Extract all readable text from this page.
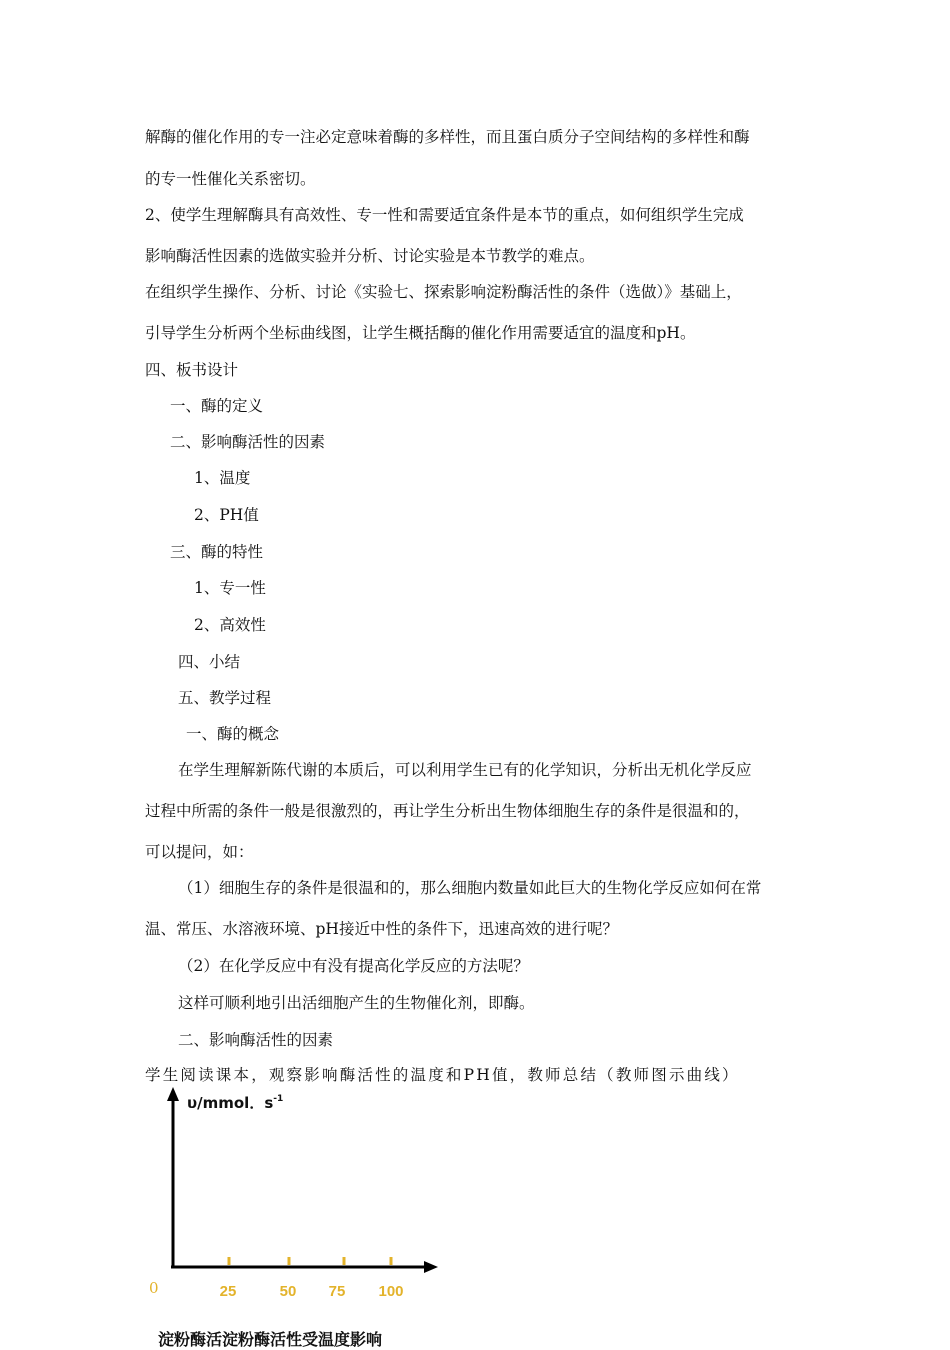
解酶的催化作用的专一注必定意味着酶的多样性，而且蛋白质分子空间结构的多样性和酶
的专一性催化关系密切。
2、使学生理解酶具有高效性、专一性和需要适宜条件是本节的重点，如何组织学生完成
影响酶活性因素的选做实验并分析、讨论实验是本节教学的难点。
在组织学生操作、分析、讨论《实验七、探索影响淀粉酶活性的条件（选做）》基础上，
引导学生分析两个坐标曲线图，让学生概括酶的催化作用需要适宜的温度和pH。
四、板书设计
一、酶的定义
二、影响酶活性的因素
1、温度
2、PH值
三、酶的特性
1、专一性
2、高效性
四、小结
五、教学过程
一、酶的概念
在学生理解新陈代谢的本质后，可以利用学生已有的化学知识，分析出无机化学反应
过程中所需的条件一般是很激烈的，再让学生分析出生物体细胞生存的条件是很温和的，
可以提问，如：
（1）细胞生存的条件是很温和的，那么细胞内数量如此巨大的生物化学反应如何在常
温、常压、水溶液环境、pH接近中性的条件下，迅速高效的进行呢？
（2）在化学反应中有没有提高化学反应的方法呢？
这样可顺利地引出活细胞产生的生物催化剂，即酶。
二、影响酶活性的因素
学生阅读课本，观察影响酶活性的温度和PH值，教师总结（教师图示曲线）
υ/mmol．$s^{-1}$
0	25	50	75	100
淀粉酶活淀粉酶活性受温度影响
